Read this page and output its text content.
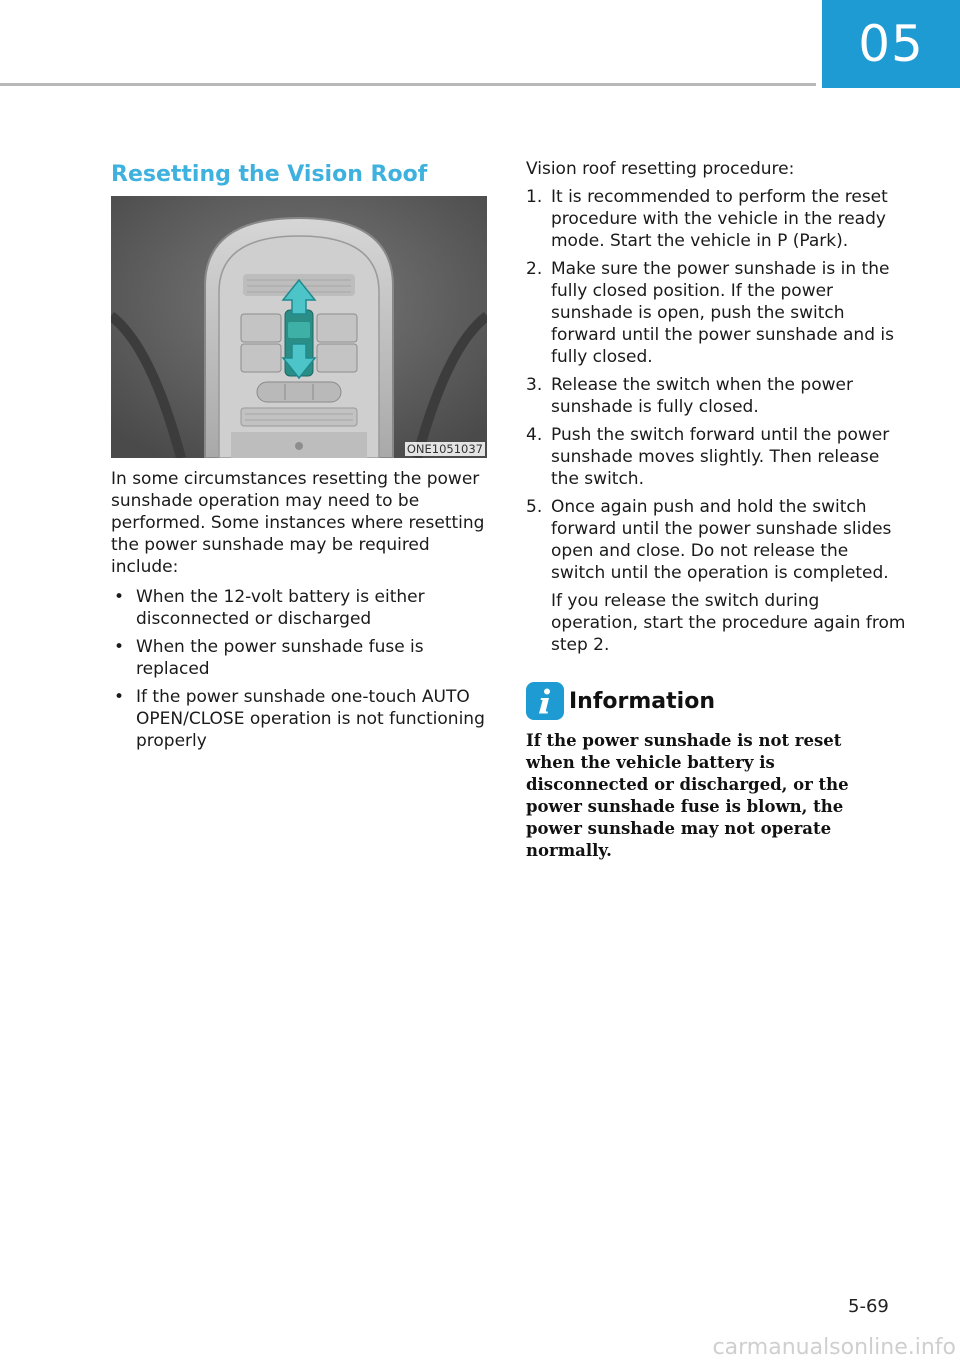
05
Resetting the Vision Roof
ONE1051037

In some circumstances resetting the power sunshade operation may need to be performed. Some instances where resetting the power sunshade may be required include:

• When the 12-volt battery is either disconnected or discharged
• When the power sunshade fuse is replaced
• If the power sunshade one-touch AUTO OPEN/CLOSE operation is not functioning properly

Vision roof resetting procedure:

1. It is recommended to perform the reset procedure with the vehicle in the ready mode. Start the vehicle in P (Park).
2. Make sure the power sunshade is in the fully closed position. If the power sunshade is open, push the switch forward until the power sunshade and is fully closed.
3. Release the switch when the power sunshade is fully closed.
4. Push the switch forward until the power sunshade moves slightly. Then release the switch.
5. Once again push and hold the switch forward until the power sunshade slides open and close. Do not release the switch until the operation is completed.
If you release the switch during operation, start the procedure again from step 2.
Information
If the power sunshade is not reset when the vehicle battery is disconnected or discharged, or the power sunshade fuse is blown, the power sunshade may not operate normally.
5-69
carmanualsonline.info
